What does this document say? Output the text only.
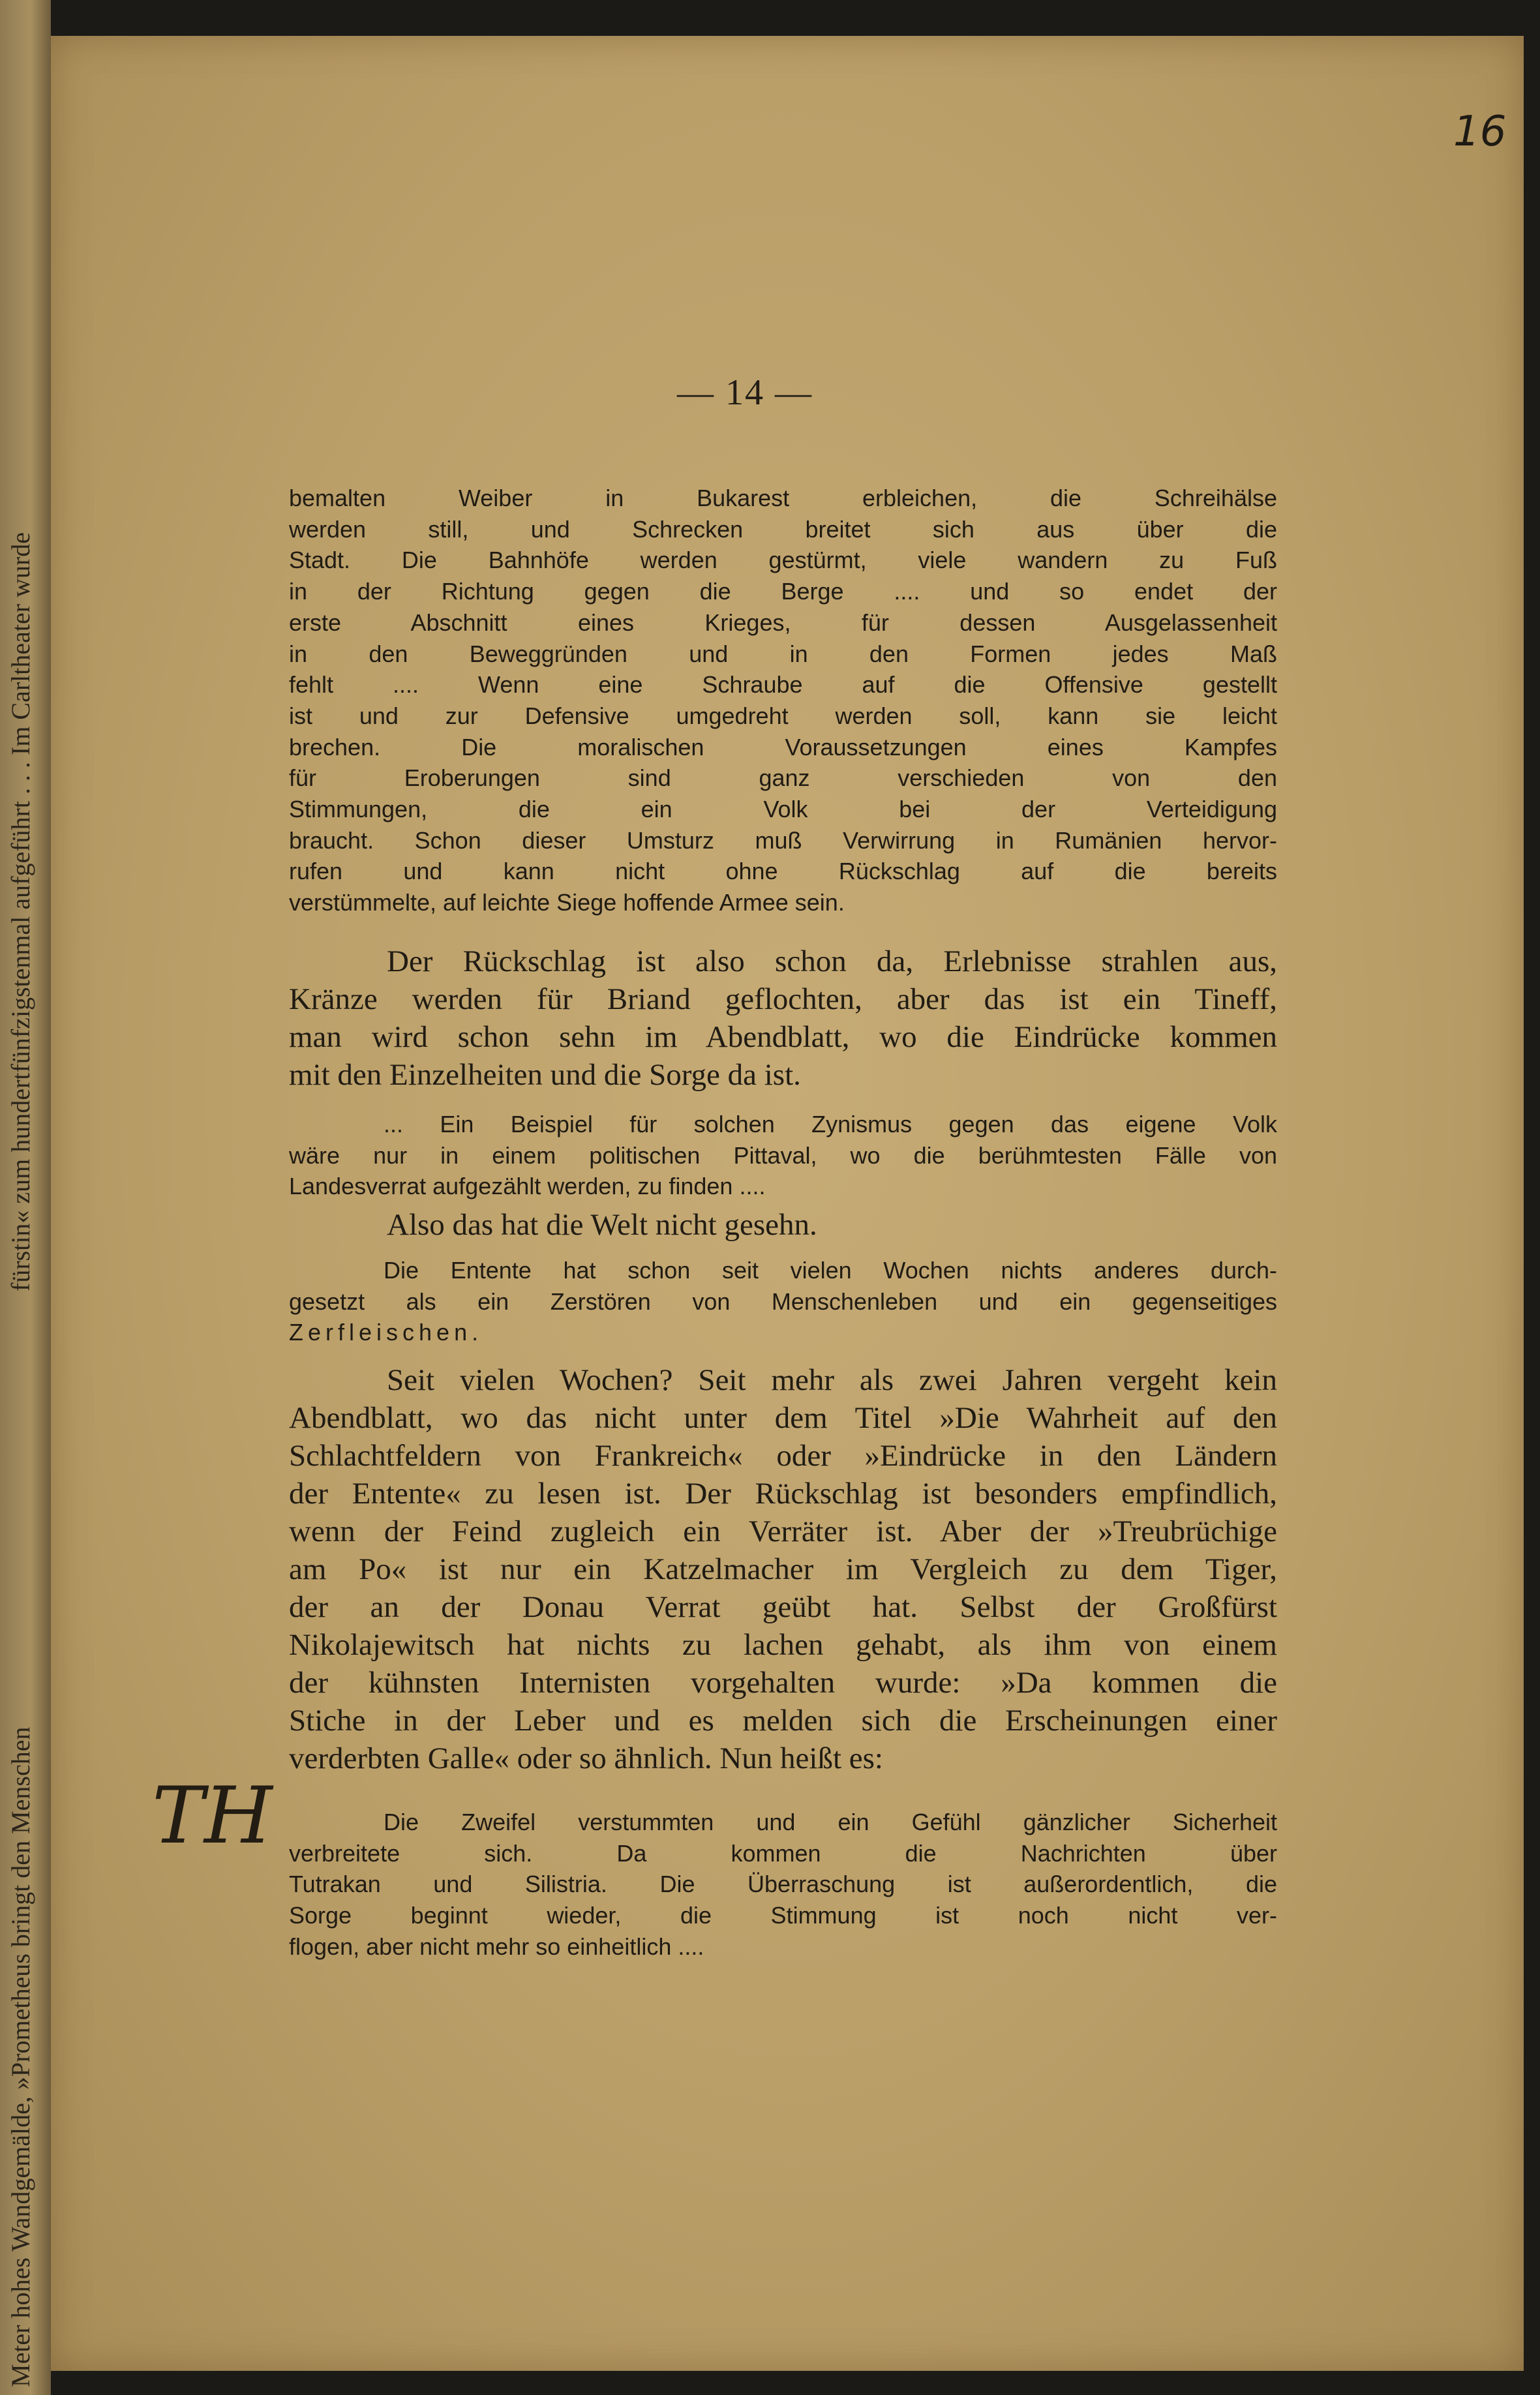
fürstin« zum hundertfünfzigstenmal aufgeführt . . . Im Carltheater wurde
Meter hohes Wandgemälde, »Prometheus bringt den Menschen
16
— 14 —
bemalten Weiber in Bukarest erbleichen, die Schreihälse
werden still, und Schrecken breitet sich aus über die
Stadt. Die Bahnhöfe werden gestürmt, viele wandern zu Fuß
in der Richtung gegen die Berge .... und so endet der
erste Abschnitt eines Krieges, für dessen Ausgelassenheit
in den Beweggründen und in den Formen jedes Maß
fehlt .... Wenn eine Schraube auf die Offensive gestellt
ist und zur Defensive umgedreht werden soll, kann sie leicht
brechen. Die moralischen Voraussetzungen eines Kampfes
für Eroberungen sind ganz verschieden von den
Stimmungen, die ein Volk bei der Verteidigung
braucht. Schon dieser Umsturz muß Verwirrung in Rumänien hervor-
rufen und kann nicht ohne Rückschlag auf die bereits
verstümmelte, auf leichte Siege hoffende Armee sein.
Der Rückschlag ist also schon da, Erlebnisse strahlen aus,
Kränze werden für Briand geflochten, aber das ist ein Tineff,
man wird schon sehn im Abendblatt, wo die Eindrücke kommen
mit den Einzelheiten und die Sorge da ist.
... Ein Beispiel für solchen Zynismus gegen das eigene Volk
wäre nur in einem politischen Pittaval, wo die berühmtesten Fälle von
Landesverrat aufgezählt werden, zu finden ....
Also das hat die Welt nicht gesehn.
Die Entente hat schon seit vielen Wochen nichts anderes durch-
gesetzt als ein Zerstören von Menschenleben und ein gegenseitiges
Zerfleischen.
Seit vielen Wochen? Seit mehr als zwei Jahren vergeht kein
Abendblatt, wo das nicht unter dem Titel »Die Wahrheit auf den
Schlachtfeldern von Frankreich« oder »Eindrücke in den Ländern
der Entente« zu lesen ist. Der Rückschlag ist besonders empfindlich,
wenn der Feind zugleich ein Verräter ist. Aber der »Treubrüchige
am Po« ist nur ein Katzelmacher im Vergleich zu dem Tiger,
der an der Donau Verrat geübt hat. Selbst der Großfürst
Nikolajewitsch hat nichts zu lachen gehabt, als ihm von einem
der kühnsten Internisten vorgehalten wurde: »Da kommen die
Stiche in der Leber und es melden sich die Erscheinungen einer
verderbten Galle« oder so ähnlich. Nun heißt es:
Die Zweifel verstummten und ein Gefühl gänzlicher Sicherheit
verbreitete sich. Da kommen die Nachrichten über
Tutrakan und Silistria. Die Überraschung ist außerordentlich, die
Sorge beginnt wieder, die Stimmung ist noch nicht ver-
flogen, aber nicht mehr so einheitlich ....
TH
